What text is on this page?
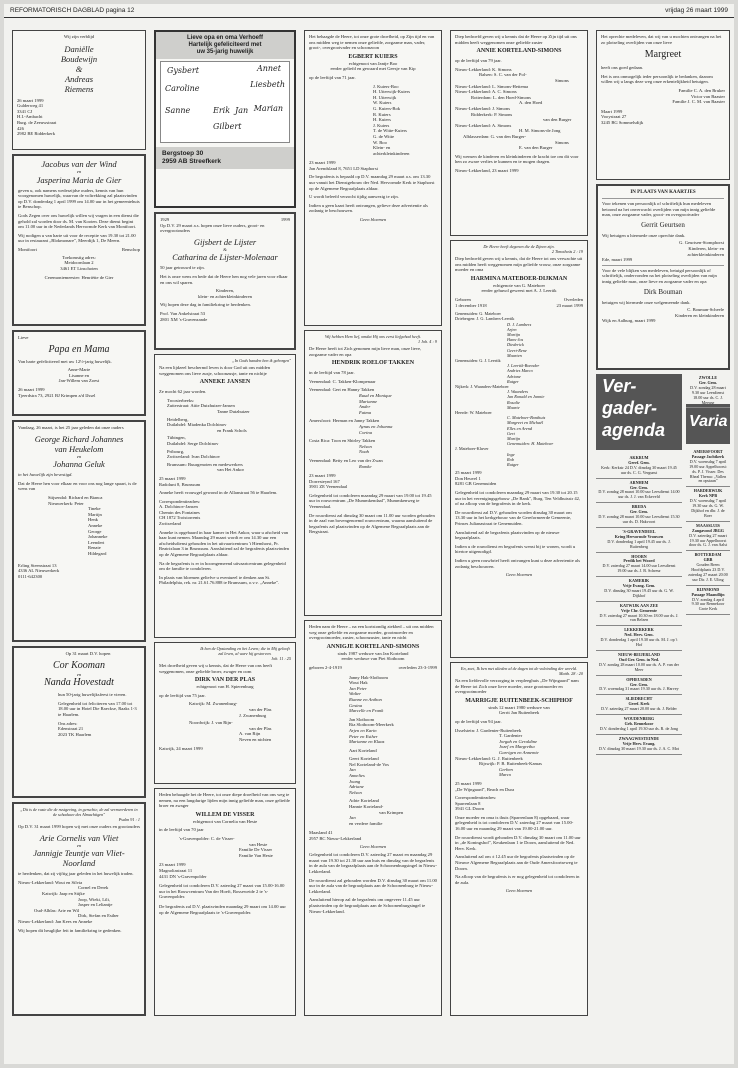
REFORMATORISCH DAGBLAD pagina 12	vrijdag 26 maart 1999
Wij zijn verblijd
Daniëlle
Boudewijn
&
Andreas
Riemens
26 maart 1999
Gulderweg 41
3341 CJ
H.I.-Ambacht
Burg. de Zeeuwstraat
426
2982 BE Ridderkerk
Jacobus van der Wind
en
Jasperina Maria de Gier
geven u, ook namens wederzijdse ouders, kennis van hun voorgenomen huwelijk, waarvan de voltrekking zal plaatsvinden op D.V. donderdag 1 april 1999 om 14.00 uur in het gemeentehuis te Benschop.
Gods Zegen over ons huwelijk willen wij vragen in een dienst die gehold zal worden door ds. M. van Kooten. Deze dienst begint om 11.00 uur in de Nederlands Hervormde Kerk van Montfoort.
Wij nodigen u van harte uit voor de receptie van 19.30 tot 21.00 uur in restaurant „Blokmonare", Meerdijk 1, De Meern.
Montfoort	Benschop
Toekomstig adres:
Meidoornlaan 2
3461 ET Linschoten
Ceremoniemeester: Henriëtte de Gier
Lieve
Papa en Mama
Van harte gefeliciteerd met uw 12½-jarig huwelijk.
Anne-Marie
Lisanne en
Jan-Willem van Zoest
26 maart 1999
Tjeerdstra 73, 2921 BJ Krimpen a/d IJssel
Vandaag, 26 maart, is het 25 jaar geleden dat onze ouders
George Richard Johannes
van Heukelom
en
Johanna Geluk
in het huwelijk zijn bevestigd.
Dat de Heere hen voor elkaar en voor ons nog lange spaart, is de wens van
Stijsendal: Richard en Bianca
Nieuwerkerk: Peter
Tineke
Martijn
Henk
Anneke
George
Johanneke
Leendert
Renate
Hildegard
Erling Steenstraat 13
4336 AL Nieuwerkerk
0111-642300
Op 31 maart D.V. hopen
Cor Kooman
en
Nanda Hovestadt
hun 50-jarig huwelijksfeest te vieren.
Gelegenheid tot feliciteren van 17.00 tot 18.00 uur in Hotel Die Raeckse, Raaks 1-3 te Haarlem.
Ons adres:
Edenstraat 21
2023 TK Haarlem
„Dit is de ruste die de rustgeving, in geruchte, de zal vermeerderen in de schaduwe des Almachtigen"
Psalm 91 : 1
Op D.V. 31 maart 1999 hopen wij met onze ouders en grootouders
Arie Cornelis van Vliet
en
Jannigje Teuntje van Vliet-Noorland
te herdenken, dat zij vijftig jaar geleden in het huwelijk traden.
Nieuw-Lekkerland: Wout en Silvia
Cornel en Derek
Katwijk: Jaap en Stijke
Joop, Wieki, Lili,
Jasper en Leliantje
Oud-Alblas: Arie en Wil
Dirk, Stefan en Esther
Nieuw-Lekkerland: Jan Kees en Anneke
Wij hopen dit heuglijke feit in familiekring te gedenken.
Lieve opa en oma Verhoeff
Hartelijk gefeliciteerd met
uw 35-jarig huwelijk
Gysbert	Annet
Caroline	Liesbeth
Sanne	Erik Jan Marian
Gilbert
Bergstoep 30
2959 AB Streefkerk
1929	1999
Op D.V. 29 maart a.s. hopen onze lieve ouders, groot- en overgrootouders
Gijsbert de Lijster
&
Catharina de Lijster-Molenaar
50 jaar getrouwd te zijn.
Het is onze wens en bede dat de Heere hen nog vele jaren voor elkaar en ons wil sparen.
Kinderen,
klein- en achterkleinkinderen
Wij hopen deze dag in familiekring te herdenken.
Prof. Van Ankelstraat 53
2801 XM 's-Gravenzande
„In Gods handen ben ik geborgen"
Na een lijdzeel beschermd leven is door God uit ons midden weggenomen ons lieve zusje, schoonzusje, tante en nichtje
ANNEKE JANSEN
Ze mocht 62 jaar worden.
Troosterbeeks:
Zutterstraat: Attie Dutzhuizer-Jansen
Tanne Dutzhuizer
Heidelberg,
Dutlahdel: Miadenka Dolchinov
en Frank Schols
Tübingen,
Dutlahdel: Serge Dolchinov
Pribourg,
Zwitserland: Ivan Dolchinov
Brunssum: Buurgenoten en medewerkers
van Het Ankor
25 maart 1999
Radolunt 8, Brunssum
Anneke heeft vrouwgel gewond in de Allanstraat 56 te Haarlem.
Correspondentieadres:
A. Dolchinov-Jansen
Chemin des Fontaines
CH 1872 Troistorrents
Zwitserland
Anneke is opgebaard in haar kamer in Het Ankor, waar u afscheid van haar kunt nemen. Maandag 29 maart wordt er om 14.30 uur een afscheidsdienst gehouden in het uitvaartcentrum 't Hiemhorst, Pr. Beatrixlaan 3 in Brunssum. Aansluitend zal de begrafenis plaatsvinden op de Algemene Begraafplaats aldaar.
Na de begrafenis is er in hoorngemeend uitvaartcentrum gelegenheid om de familie te condoleren.
In plaats van bloemen geliefve u eventueel te denken aan St. Philadelphia, rek. nr. 21.61.76.888 te Brunssum, o.v.v. „Anneke".
Ik ben de Opstanding en het Leven; die in Mij gelooft zal leven, al ware hij gestorven.
Joh. 11 : 25
Met droefheid geven wij u kennis, dat de Heere van ons heeft weggenomen, onze geliefde broer, zwager en oom
DIRK VAN DER PLAS
echtgenoot van H. Spierenburg
op de leeftijd van 75 jaar.
Katwijk: M. Zwanenburg-
van der Plas
J. Zwanenburg
Noordwijk: J. van Rijn-
van der Plas
A. van Rijn
Neven en nichten
Katwijk, 24 maart 1999
Heden behaagde het de Heere, tot onze diepe droefheid van ons weg te nemen, na een langdurige lijden mijn innig geliefde man, onze geliefde broer en zwager
WILLEM DE VISSER
echtgenoot van Cornelia van Heste
in de leeftijd van 70 jaar
's-Gravenpolder: C. de Visser-
van Heste
Familie De Visser
Familie Van Heste
23 maart 1999
Magnoliastraat 11
4431 DN 's-Gravenpolder
Gelegenheid tot condoleren D.V. zaterdag 27 maart van 15.00-16.00 uur in het Rouwcentrum Van der Hoeft, Bosseweide 2 te 's-Gravenpolder.
De begrafenis zal D.V. plaatsvinden maandag 29 maart om 14.00 uur op de Algemene Begraafplaats te 's-Gravenpolder.
Het behaagde de Heere, tot onze grote droefheid, op Zijn tijd en van ons midden weg te nemen onze geliefde, zorgzame man, vader, groot-, overgrootvader en schoonzoon
EGBERT KUIERS
echtgenoot van Jantje Boo
eerder geliefd en gewaard met Geesje van Kip
op de leeftijd van 71 jaar.
J. Kuiers-Boo
H. Uiterwijk-Kuiers
H. Uiterwijk
W. Kuiers
G. Kuiers-Bok
R. Kuiers
H. Kuiers
J. Kuiers
T. de Witte-Kuiers
G. de Witte
W. Boo
Klein- en
achterkleinkinderen
23 maart 1999
Jan Arendsland 8, 7651 LD Staphorst
De begrafenis is bepaald op D.V. maandag 29 maart a.s. om 13.30 uur vanuit het Dienstgebouw der Ned. Hervormde Kerk te Staphorst op de Algemene Begraafplaats aldaar.
U wordt beleefd verzocht tijdig aanwezig te zijn.
Indien u geen kaart heeft ontvangen, gelieve deze advertentie als zodanig te beschouwen.
Geen bloemen
Wij hebben Hem lief, omdat Hij ons eerst liefgehad heeft.
1 Joh. 4 : 9
De Heere heeft tot Zich genomen mijn lieve man, onze lieve, zorgzame vader en opa
HENDRIK ROELOF TAKKEN
in de leeftijd van 78 jaar.
Veenendaal: C. Takken-Klompenaar
Veenendaal: Gert en Hanny Takken
Ruud en Monique
Marianne
Ander
Fatma
Amersfoort: Herman en Janny Takken
Aynas en Johanna
Corina
Costa Rica: Toon en Shirley Takken
Nelson
Noah
Veenendaal: Betty en Leo van der Zwan
Romke
23 maart 1999
Dorresteynd 167
3901 ZE Veenendaal
Gelegenheid tot condoleren maandag 29 maart van 19.00 tot 19.45 uur in rouwcentrum „De Mummkendaal", Mummkenweg te Veenendaal.
De rouwdienst zal dinsdag 30 maart om 11.00 uur worden gehouden in de zaal van bovengenoemd rouwcentrum, waarna aansluitend de begrafenis zal plaatsvinden op de Algemene Begraafplaats aan de Bergstraat.
Heden nam de Heere – na een kortstondig ziekbed – uit ons midden weg onze geliefde en zorgzame moeder, grootmoeder en overgrootmoeder, zuster, schoonzuster, tante en nicht
ANNIGJE KORTELAND-SIMONS
sinds 1987 weduwe van Jan Korteland
eerder weduwe van Piet Slotboom
geboren 2-4-1919	overleden 23-3-1999
Janny Hak-Slotboom
Wout Hak
Jan Peter
Walter
Rianne en Anthon
Gesina
Marcelle en Frank
Jan Slotboom
Ria Slotboom-Meerkerk
Arjen en Karin
Peter en Esther
Marianne en Klaas
Aart Korteland
Geert Korteland
Nel Korteland-de Vos
Jan
Annelies
Joang
Adriane
Nelson
Adrie Korteland
Hannie Korteland-
van Krimpen
Jan
en verdere familie
Maasland 41
2957 BC Nieuw-Lekkerland
Geen bloemen
Gelegenheid tot condoleren D.V. zaterdag 27 maart en maandag 29 maart van 19.30 tot 21.30 uur aan huis en dinsdag van de begrafenis in de aula van de begraafplaats aan de Schoonenburgsingel in Nieuw-Lekkerland.
De rouwdienst zal gehouden worden D.V. dinsdag 30 maart om 11.00 uur in de aula van de begraafplaats aan de Schoonenburg te Nieuw-Lekkerland.
Aansluitend hierop zal de begrafenis om ongeveer 11.45 uur plaatsvinden op de begraafplaats aan de Schoonenburgsingel te Nieuw-Lekkerland.
Diep bedroefd geven wij u kennis dat de Heere op Zijn tijd uit ons midden heeft weggenomen onze geliefde zuster
ANNIE KORTELAND-SIMONS
op de leeftijd van 79 jaar.
Nieuw-Lekkerland: K. Simons
Balsen: S. C. van der Pol-
Simons
Nieuw-Lekkerland: L. Simons-Hettema
Nieuw-Lekkerland: A. C. Simons
Rotterdam: L. den Hoed-Simons
A. den Hoed
Nieuw-Lekkerland: J. Simons
Ridderkerk: P. Simons
van den Burger
Nieuw-Lekkerland: A. Simons
H. M. Simons-de Jong
Alblasserdam: G. van den Burger-
Simons
E. van den Burger
Wij wensen de kinderen en kleinkinderen de kracht toe om dit voor hen zo zware verlies te kunnen en te mogen dragen.
Nieuw-Lekkerland, 23 maart 1999
De Heere heeft degenen die de Zijnen zijn.
2 Timotheüs 2 : 19
Diep bedroefd geven wij u kennis, dat de Heere tot ons verwachte uit ons midden heeft weggenomen mijn geliefde vrouw, onze zorgzame moeder en oma
HARMINA MATEBOER-DIJKMAN
echtgenote van G. Mateboer
eerder gehuwd geweest met A. J. Leertik
Geboren
1 december 1918
Overleden
23 maart 1999
Genemuiden: G. Mateboer
Driebergen: J. G. Lambers-Leertik
D. J. Lambers
Arjen
Martijn
Hans-Jos
Diederick
Geert-Rene
Maarten
Genemuiden: G. J. Leertik
J. Leertik-Boender
Andries Marco
Adriane
Rutger
Nijkerk: J. Waanders-Mateboer
J. Waanders
Jan Ronald en Jannie
Rosalie
Maarte
Heerde: W. Mateboer
C. Mateboer-Bonthuis
Margreet en Michaël
Elles en Arend
Gert
Martijn
Genemuiden: H. Mateboer
J. Mateboer-Kluver
Inge
Rob
Rutger
25 maart 1999
Don Heuvel 1
8281 GB Genemuiden
Gelegenheid tot condoleren maandag 29 maart van 19.30 tot 20.15 uur in het verenigingsgebouw „De Bank", Burg. Ten Veldhuisstr 42, of na afloop van de begrafenis in de kerk.
De rouwdienst zal D.V. gehouden worden dinsdag 30 maart om 13.30 uur in het kerkgebouw van de Gereformeerde Gemeente, Prinses Julianastraat te Genemuiden.
Aansluitend zal de begrafenis plaatsvinden op de nieuwe begraafplaats.
Indien u de rouwdienst en begrafenis wenst bij te wonen, wordt u hiertoe uitgenodigd.
Indien u geen rouwbrief heeft ontvangen kunt u deze advertentie als zodanig beschouwen.
Geen bloemen
En, zoet, Ik ben met ulieden al de dagen tot de voleinding der wereld.
Matth. 28 : 20
Na een liefdevolle verzorging in verpleeghuis „De Wijngaard" nam de Heere tot Zich onze lieve moeder, onze grootmoeder en overgrootmoeder
MARRIGJE RUITENBEEK-SCHIPHOF
sinds 12 maart 1980 weduwe van
Gerrit Jan Ruitenbeek
op de leeftijd van 94 jaar.
IJsselstein: J. Gardenier-Ruitenbeek
T. Gardenier
Jorgah en Geraldine
Jozef en Margretha
Garrigen en Annemie
Nieuw-Lekkerland: G. J. Ruitenbeek
Rijswijk: P. B. Ruitenbeek-Kamas
Gerben
Marco
25 maart 1999
„De Wijngaard", Beach en Dura
Correspondentieadres:
Sparrenlaan 8
3941 GL Doorn
Onze moeder en oma is thuis (Sparrenlaan 8) opgebaard, waar gelegenheid is tot condoleren D.V. zaterdag 27 maart van 15.00-16.00 uur en maandag 29 maart van 19.00-21.00 uur.
De rouwdienst wordt gehouden D.V. dinsdag 30 maart om 11.00 uur in „de Koningshof", Keukenlaan 1 te Doorn, aansluitend de Ned. Herv. Kerk.
Aansluitend zal om ± 12.45 uur de begrafenis plaatsvinden op de Nieuwe Algemene Begraafplaats aan de Oude Amersfoortseweg te Doorn.
Na afloop van de begrafenis is er nog gelegenheid tot condoleren in de aula.
Geen bloemen
Het oprechte medeleven, dat wij van u mochten ontvangen na het zo plotseling overlijden van onze lieve
Margreet
heeft ons goed gedaan.
Het is ons onmogelijk ieder persoonlijk te bedanken, daarom willen wij u langs deze weg onze erkentelijkheid betuigen.
Familie C. A. den Bruker
Victor van Baaster
Familie J. C. M. van Baaster
Maart 1999
Vooystraat 27
3245 BG Sommelsdijk
IN PLAATS VAN KAARTJES
Voor tekenen van persoonlijk of schriftelijk hun medeleven betoond na het onverwacht overlijden van mijn innig geliefde man, onze zorgzame vader, groot- en overgrootvader
Gerrit Geurtsen
Wij betuigen u hiermede onze oprechte dank.
G. Geurtsen-Stomphorst
Kinderen, klein- en
achterkleinkinderen
Ede, maart 1999
Voor de vele blijken van medeleven, betuigd persoonlijk of schriftelijk, ondervonden na het plotseling overlijden van mijn innig geliefde man, onze lieve en zorgzame vader en opa
Dirk Bouman
betuigen wij hiermede onze welgemeende dank.
C. Bouman-Scheele
Kinderen en kleinkinderen
Wijk en Aalburg, maart 1999
Ver-
gader-
agenda
AKKRUM
Geref. Gem.
Kerk: Kerkstr 24 D.V. dinsdag 30 maart 19.45 uur ds. C. G. Vergunst
ARNHEM
Ger. Gem.
D.V. zondag 28 maart 10.00 uur Leesdienst 14.00 uur ds. J. J. van Eckeveld
BREDA
Ger. Gem.
D.V. zondag 28 maart 10.00 uur Leesdienst 15.30 uur ds. D. Hakvoort
'S-GRAVENDEEL
Kring Hervormde Vrouwen
D.V. donderdag 1 april 19.45 uur ds. J. Ruitenberg
HOORN
Predik bet Woord
D.V. zaterdag 27 maart 14.00 uur Leesdienst 19.00 uur ds. J. B. Schreur
KAMERIK
Vrije Evang. Gem.
D.V. dinsdag 30 maart 19.45 uur ds. G. W. Dijkhof
KATWIJK AAN ZEE
Vrije Chr. Gemeente
D.V. zaterdag 27 maart 10.30 en 18.00 uur ds. J. van Belzen
LEKKERKERK
Ned. Herv. Gem.
D.V. donderdag 1 april 19.30 uur ds. M. J. op 't Hof
NIEUW-BEIJERLAND
Oud Ger. Gem. in Ned.
D.V. zondag 28 maart 10.00 uur ds. A. P. van der Meer
OPHEUSDEN
Ger. Gem.
D.V. woensdag 31 maart 19.30 uur ds. J. Harvey
SLIEDRECHT
Geref. Kerk
D.V. zaterdag 27 maart 20.00 uur ds. J. Belder
WOUDENBERG
Geb. Rennekoor
D.V. donderdag 1 april 19.30 uur ds. R. de Jong
ZWAAGWESTEINDE
Vrije Herv. Evang.
D.V. dinsdag 30 maart 19.30 uur ds. J. A. C. Mot
Varia
ZWOLLE
Ger. Gem.
D.V. zondag 28 maart 9.30 uur Leesdienst 18.00 uur ds. C. J. Meeuse
AMERSFOORT
Passage Jachtkerk
D.V. woensdag 7 april 19.00 uur Appelhoorst: ds. P. J. Visser. Des Rheal Thema: „Vallen en opstaan"
HARDERWIJK
Kerk NPB
D.V. woensdag 7 april 19.30 uur ds. G. W. Dijkhof en dhr. J. de Boer
MAASSLUIS
Zangavond JBGG
D.V. zaterdag 27 maart 19.30 uur Appelhoorst door ds. G. J. van Aalst
BOTTERDAM
GBB
Gouden Brem Hoofdplaats 23 D.V. zaterdag 27 maart 20.00 uur Dir. J. E. Uling
RIJNMOND
Passage Maandlijn
D.V. zondag 4 april 9.30 uur Rennekoor Grote Kerk
